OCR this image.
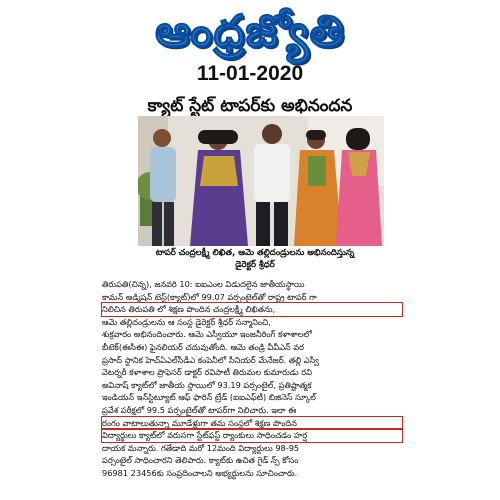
ఆంధ్రజ్యోతి
11-01-2020
క్యాట్ స్టేట్ టాపర్‌కు అభినందన
టాపర్ చంద్రలక్ష్మీ లిఖిత, ఆమె తల్లిదండ్రులను అభినందిస్తున్న
డైరెక్టర్ శ్రీధర్
తిరుపతి(చిన్న), జనవరి 10: ఐఐఎంల విడుదలైన జాతీయస్థాయి
కామన్ అడ్మిషన్ టెస్ట్(క్యాట్)లో 99.07 పర్సంటైల్‌తో రాష్ట్ర టాపర్ గా
నిలిచిన తిరుపతి లో శిక్షణ పొందిన చంద్రలక్ష్మీ లిఖితను,
ఆమె తల్లిదండ్రులను ఆ సంస్థ డైరెక్టర్ శ్రీధర్ సన్మానించి,
శుక్రవారం అభినందించారు. ఆమె ఎస్వీయూ ఇంజనీరింగ్ కళాశాలలో
బీటెక్(ఈసీఈ) ఫైనలియర్ చదువుతోంది. ఆమె తండ్రి వీవీఎన్ వర
ప్రసాద్ స్థానిక హెచ్ఏఎల్‌సీడీఎ కంపెనీలో సీనియర్ మేనేజర్. తల్లి ఎస్వీ
వెటర్నరీ కళాశాల ప్రొఫెసర్ డాక్టర్ రవిపాటీ తిరుమల కుమారుడు రవి
అవినాష్ క్యాట్‌లో జాతీయ స్థాయిలో 93.19 పర్సంటైల్, ప్రతిష్టాత్మక
ఇండియన్ ఇన్‌స్టిట్యూట్ ఆఫ్ ఫారిన్ ట్రేడ్ (ఐఐఎఫ్‌టీ) బిజినెస్ స్కూల్
ప్రవేశ పరీక్షలో 99.5 పర్సంటైల్‌తో టాపర్‌గా నిలిచారు. ఇలా ఈ
రంగం వాటాలుతున్నా మూడేళ్లుగా తమ సంస్థలో శిక్షణ పొందిన
విద్యార్థులు క్యాట్‌లో వరుసగా స్టేట్‌ఫస్ట్ ర్యాంకులు సాధించడం హర్ష
దాయక మన్నారు. గతేడాది మరో 12మంది విద్యార్థులు 98-95
పర్సంటైల్ సాధించారని తెలిపారు. క్యాట్‌కు ఉచిత గైడ్ న్స్ కోసం
96981 23456కు సంప్రదించాలని అభ్యర్థులను సూచించారు.
